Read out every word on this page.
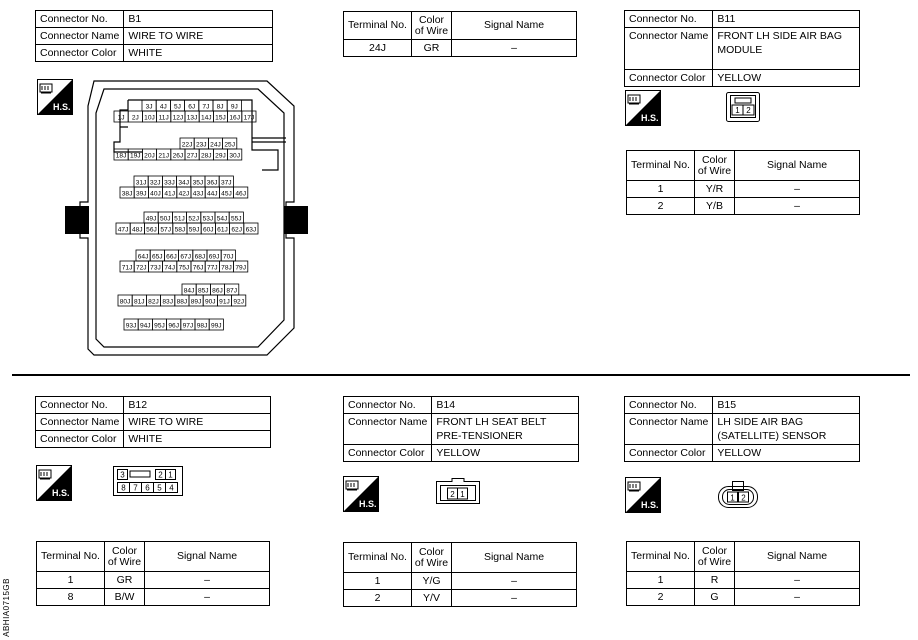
Connector No.	B1
Connector Name	WIRE TO WIRE
Connector Color	WHITE
Terminal No.	Color of Wire	Signal Name
24J	GR	–
H.S.	3J 4J 5J 6J 7J 8J 9J
1J 2J 10J 11J 12J 13J 14J 15J 16J 17J
22J 23J 24J 25J
18J 19J 20J 21J 26J 27J 28J 29J 30J
31J 32J 33J 34J 35J 36J 37J
38J 39J 40J 41J 42J 43J 44J 45J 46J
49J 50J 51J 52J 53J 54J 55J
47J 48J 56J 57J 58J 59J 60J 61J 62J 63J
64J 65J 66J 67J 68J 69J 70J
71J 72J 73J 74J 75J 76J 77J 78J 79J
84J 85J 86J 87J
80J 81J 82J 83J 88J 89J 90J 91J 92J
93J 94J 95J 96J 97J 98J 99J
Connector No.	B11
Connector Name	FRONT LH SIDE AIR BAG MODULE
Connector Color	YELLOW
H.S.
1 2
Terminal No.	Color of Wire	Signal Name
1	Y/R	–
2	Y/B	–
Connector No.	B12
Connector Name	WIRE TO WIRE
Connector Color	WHITE
H.S.
3	2 1
8 7 6 5 4
Terminal No.	Color of Wire	Signal Name
1	GR	–
8	B/W	–
Connector No.	B14
Connector Name	FRONT LH SEAT BELT PRE-TENSIONER
Connector Color	YELLOW
H.S.
2 1
Terminal No.	Color of Wire	Signal Name
1	Y/G	–
2	Y/V	–
Connector No.	B15
Connector Name	LH SIDE AIR BAG (SATELLITE) SENSOR
Connector Color	YELLOW
H.S.
1 2
Terminal No.	Color of Wire	Signal Name
1	R	–
2	G	–
ABHIA0715GB
